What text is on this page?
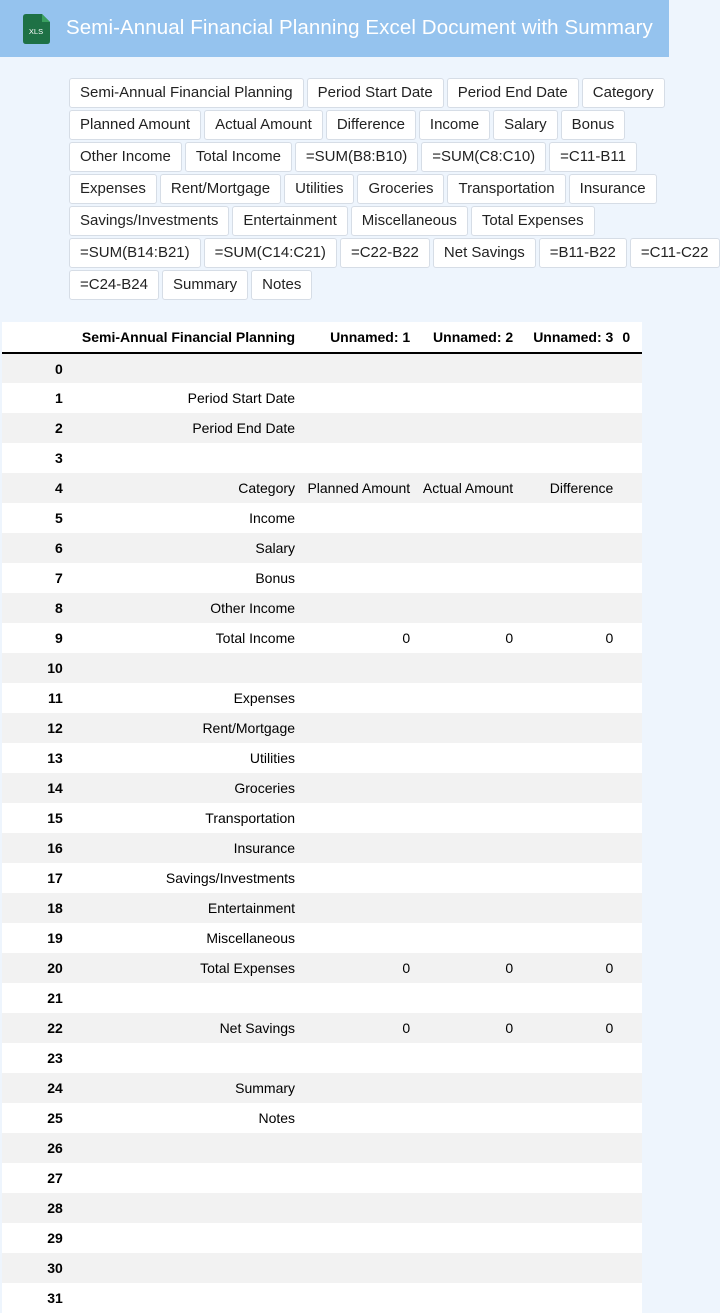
XLS Semi-Annual Financial Planning Excel Document with Summary
Semi-Annual Financial Planning	Period Start Date	Period End Date	Category
Planned Amount	Actual Amount	Difference	Income	Salary	Bonus
Other Income	Total Income	=SUM(B8:B10)	=SUM(C8:C10)	=C11-B11
Expenses	Rent/Mortgage	Utilities	Groceries	Transportation	Insurance
Savings/Investments	Entertainment	Miscellaneous	Total Expenses
=SUM(B14:B21)	=SUM(C14:C21)	=C22-B22	Net Savings	=B11-B22	=C11-C22
=C24-B24	Summary	Notes
	Semi-Annual Financial Planning	Unnamed: 1	Unnamed: 2	Unnamed: 3	0
0					
1	Period Start Date				
2	Period End Date				
3					
4	Category	Planned Amount	Actual Amount	Difference	
5	Income				
6	Salary				
7	Bonus				
8	Other Income				
9	Total Income	0	0	0	
10					
11	Expenses				
12	Rent/Mortgage				
13	Utilities				
14	Groceries				
15	Transportation				
16	Insurance				
17	Savings/Investments				
18	Entertainment				
19	Miscellaneous				
20	Total Expenses	0	0	0	
21					
22	Net Savings	0	0	0	
23					
24	Summary				
25	Notes				
26					
27					
28					
29					
30					
31					
